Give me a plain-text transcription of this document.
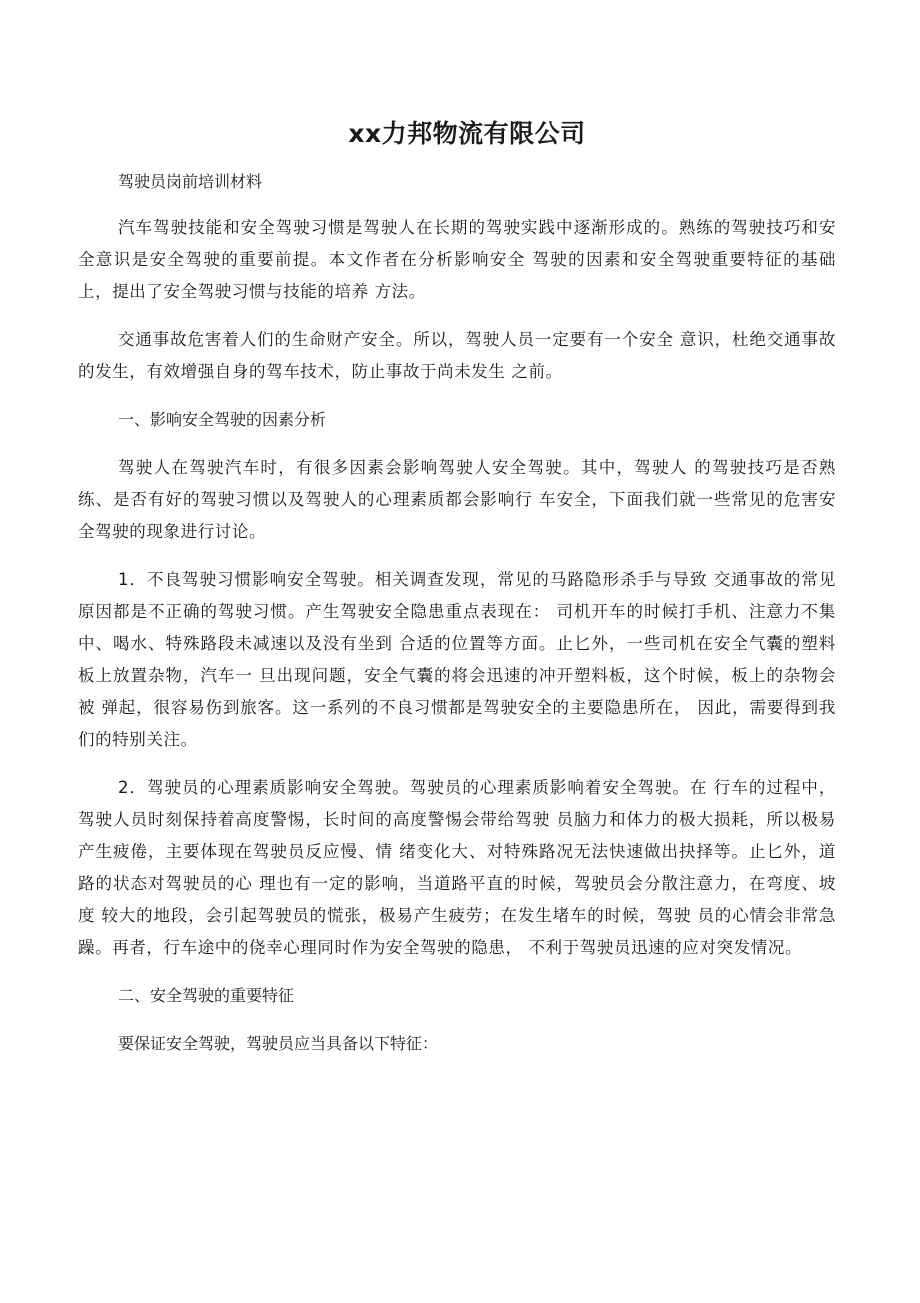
xx力邦物流有限公司

驾驶员岗前培训材料

汽车驾驶技能和安全驾驶习惯是驾驶人在长期的驾驶实践中逐渐形成的。熟练的驾驶技巧和安全意识是安全驾驶的重要前提。本文作者在分析影响安全 驾驶的因素和安全驾驶重要特征的基础上，提出了安全驾驶习惯与技能的培养 方法。

交通事故危害着人们的生命财产安全。所以，驾驶人员一定要有一个安全 意识，杜绝交通事故的发生，有效增强自身的驾车技术，防止事故于尚未发生 之前。

一、影响安全驾驶的因素分析

驾驶人在驾驶汽车时，有很多因素会影响驾驶人安全驾驶。其中，驾驶人 的驾驶技巧是否熟练、是否有好的驾驶习惯以及驾驶人的心理素质都会影响行 车安全，下面我们就一些常见的危害安全驾驶的现象进行讨论。

1．不良驾驶习惯影响安全驾驶。相关调查发现，常见的马路隐形杀手与导致 交通事故的常见原因都是不正确的驾驶习惯。产生驾驶安全隐患重点表现在： 司机开车的时候打手机、注意力不集中、喝水、特殊路段未减速以及没有坐到 合适的位置等方面。止匕外，一些司机在安全气囊的塑料板上放置杂物，汽车一 旦出现问题，安全气囊的将会迅速的冲开塑料板，这个时候，板上的杂物会被 弹起，很容易伤到旅客。这一系列的不良习惯都是驾驶安全的主要隐患所在， 因此，需要得到我们的特别关注。

2．驾驶员的心理素质影响安全驾驶。驾驶员的心理素质影响着安全驾驶。在 行车的过程中，驾驶人员时刻保持着高度警惕，长时间的高度警惕会带给驾驶 员脑力和体力的极大损耗，所以极易产生疲倦，主要体现在驾驶员反应慢、情 绪变化大、对特殊路况无法快速做出抉择等。止匕外，道路的状态对驾驶员的心 理也有一定的影响，当道路平直的时候，驾驶员会分散注意力，在弯度、坡度 较大的地段，会引起驾驶员的慌张，极易产生疲劳；在发生堵车的时候，驾驶 员的心情会非常急躁。再者，行车途中的侥幸心理同时作为安全驾驶的隐患， 不利于驾驶员迅速的应对突发情况。

二、安全驾驶的重要特征

要保证安全驾驶，驾驶员应当具备以下特征：
